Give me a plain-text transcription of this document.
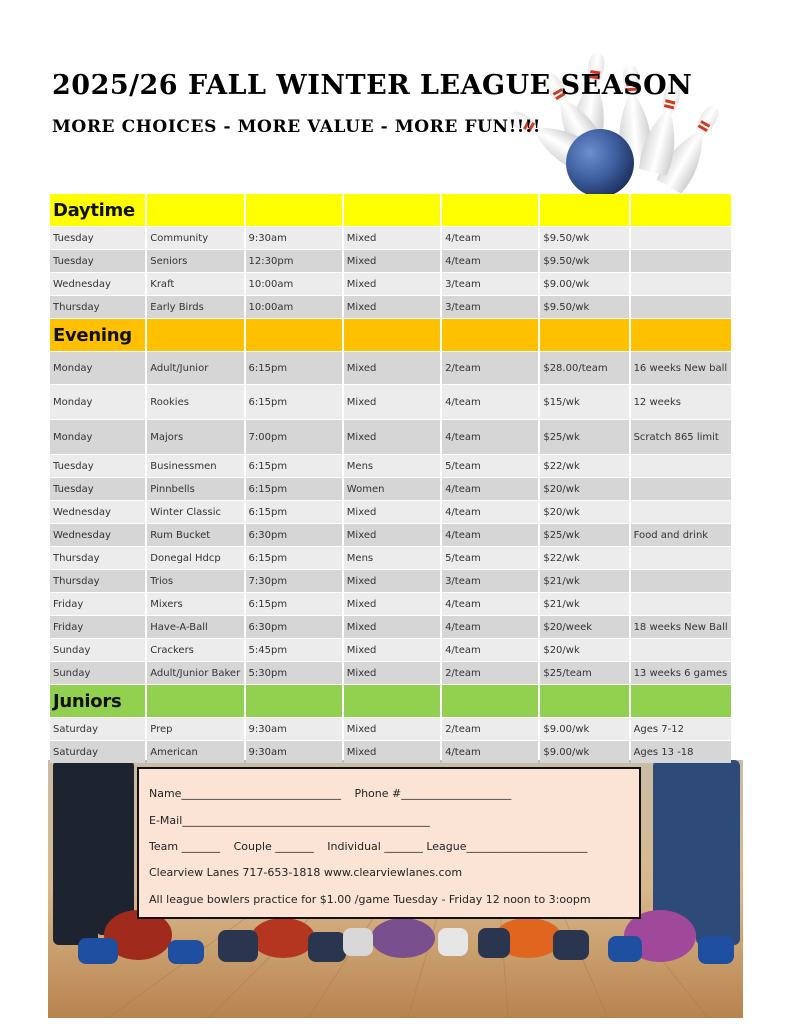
2025/26 FALL WINTER LEAGUE SEASON
MORE CHOICES - MORE VALUE - MORE FUN!!!!
Daytime						
Tuesday	Community	9:30am	Mixed	4/team	$9.50/wk	
Tuesday	Seniors	12:30pm	Mixed	4/team	$9.50/wk	
Wednesday	Kraft	10:00am	Mixed	3/team	$9.00/wk	
Thursday	Early Birds	10:00am	Mixed	3/team	$9.50/wk	
Evening						
Monday	Adult/Junior	6:15pm	Mixed	2/team	$28.00/team	16 weeks New ball
Monday	Rookies	6:15pm	Mixed	4/team	$15/wk	12 weeks
Monday	Majors	7:00pm	Mixed	4/team	$25/wk	Scratch 865 limit
Tuesday	Businessmen	6:15pm	Mens	5/team	$22/wk	
Tuesday	Pinnbells	6:15pm	Women	4/team	$20/wk	
Wednesday	Winter Classic	6:15pm	Mixed	4/team	$20/wk	
Wednesday	Rum Bucket	6:30pm	Mixed	4/team	$25/wk	Food and drink
Thursday	Donegal Hdcp	6:15pm	Mens	5/team	$22/wk	
Thursday	Trios	7:30pm	Mixed	3/team	$21/wk	
Friday	Mixers	6:15pm	Mixed	4/team	$21/wk	
Friday	Have-A-Ball	6:30pm	Mixed	4/team	$20/week	18 weeks New Ball
Sunday	Crackers	5:45pm	Mixed	4/team	$20/wk	
Sunday	Adult/Junior Baker	5:30pm	Mixed	2/team	$25/team	13 weeks 6 games
Juniors						
Saturday	Prep	9:30am	Mixed	2/team	$9.00/wk	Ages 7-12
Saturday	American	9:30am	Mixed	4/team	$9.00/wk	Ages 13 -18
Name_____________________________ Phone #____________________
E-Mail_____________________________________________
Team _______ Couple _______ Individual _______ League______________________
Clearview Lanes 717-653-1818 www.clearviewlanes.com
All league bowlers practice for $1.00 /game Tuesday - Friday 12 noon to 3:oopm
